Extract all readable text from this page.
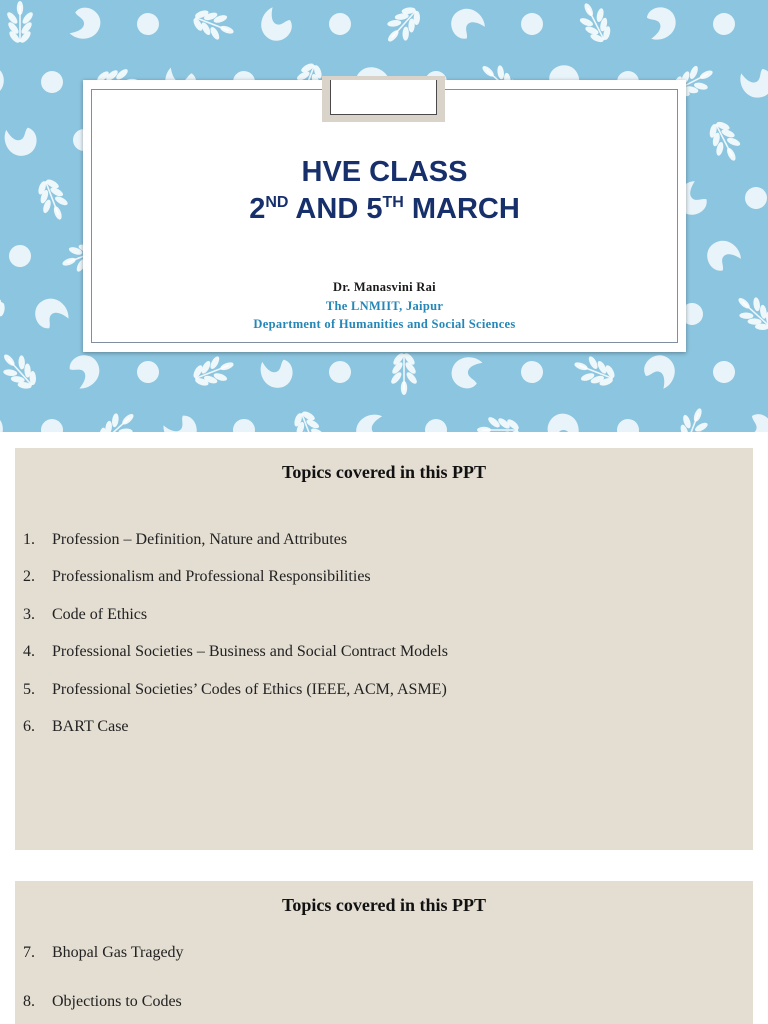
HVE CLASS
2ND AND 5TH MARCH
Dr. Manasvini Rai
The LNMIIT, Jaipur
Department of Humanities and Social Sciences
Topics covered in this PPT
1. Profession – Definition, Nature and Attributes
2. Professionalism and Professional Responsibilities
3. Code of Ethics
4. Professional Societies – Business and Social Contract Models
5. Professional Societies’ Codes of Ethics (IEEE, ACM, ASME)
6. BART Case
Topics covered in this PPT
7. Bhopal Gas Tragedy
8. Objections to Codes
